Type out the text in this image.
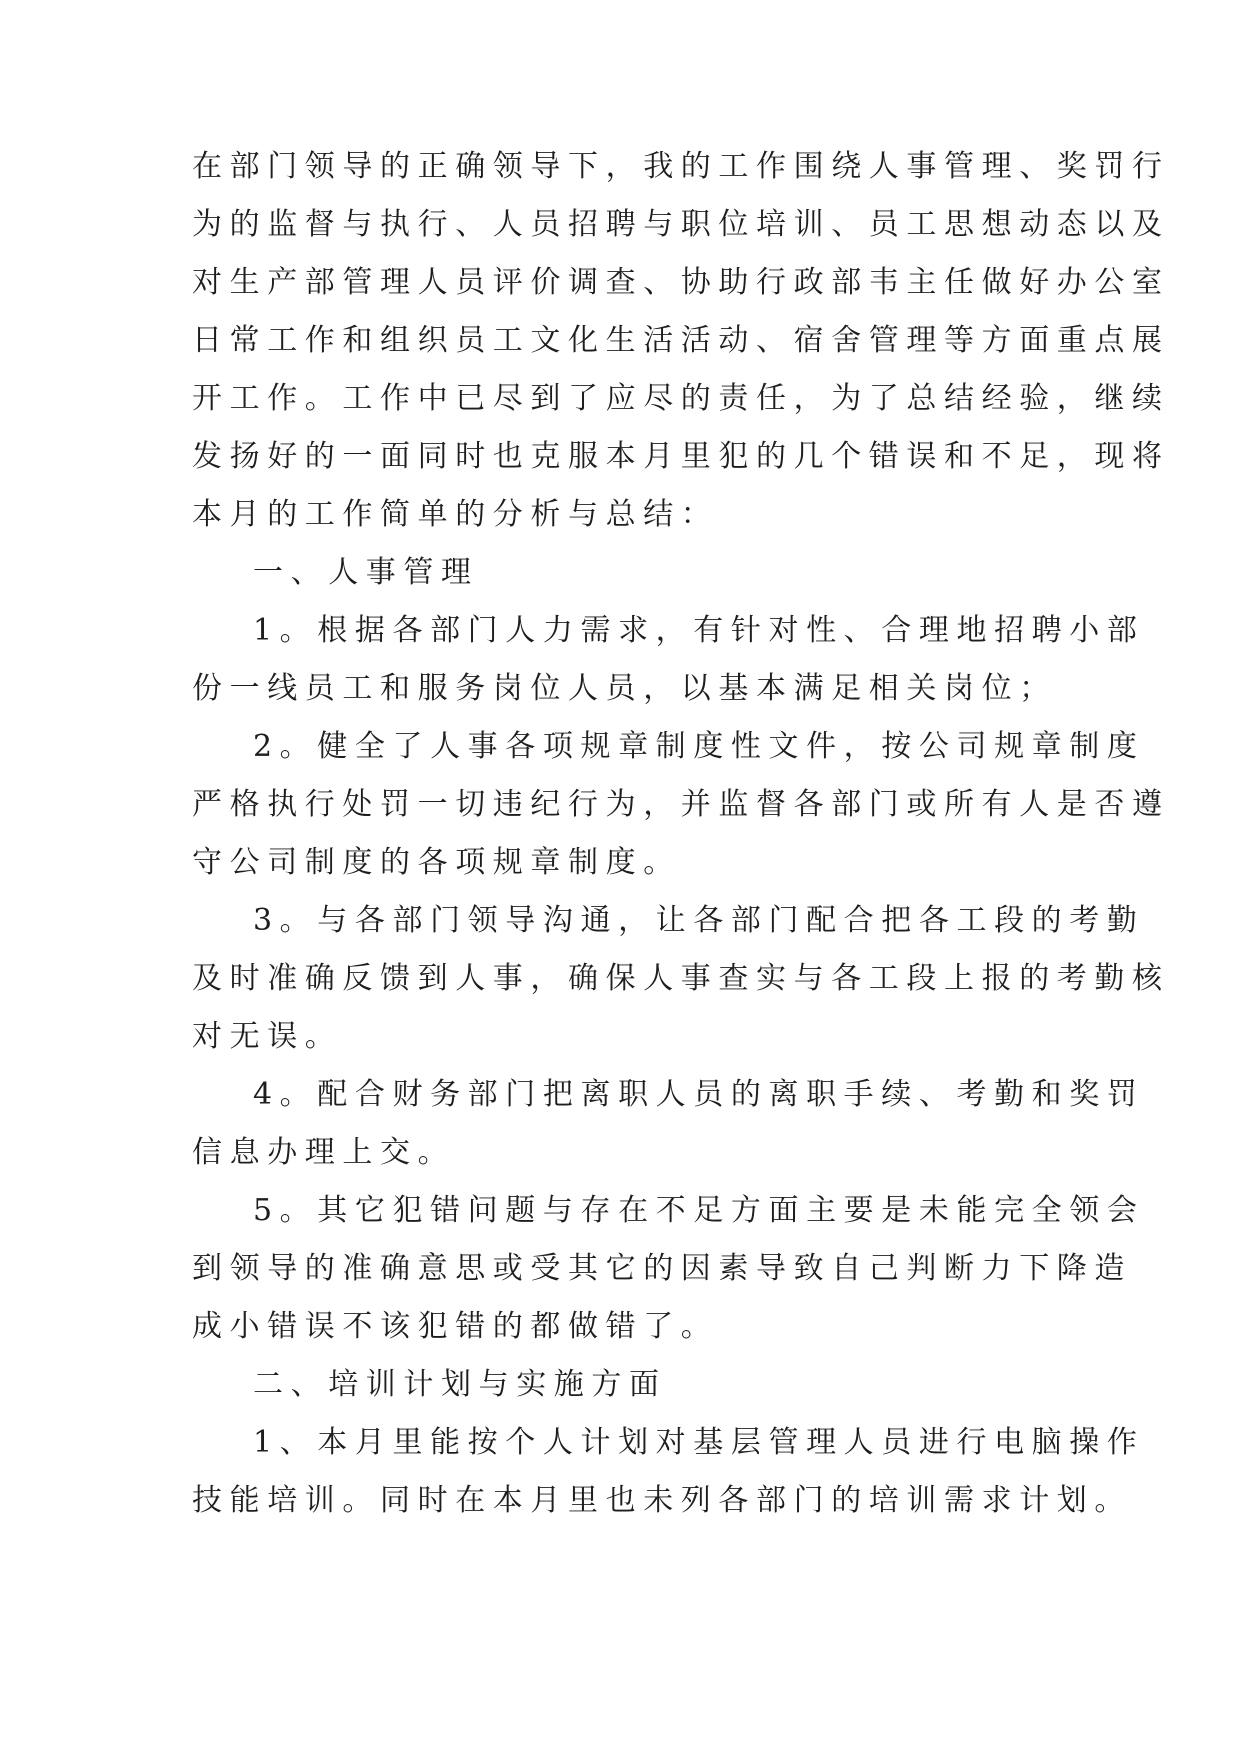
在部门领导的正确领导下，我的工作围绕人事管理、奖罚行
为的监督与执行、人员招聘与职位培训、员工思想动态以及
对生产部管理人员评价调查、协助行政部韦主任做好办公室
日常工作和组织员工文化生活活动、宿舍管理等方面重点展
开工作。工作中已尽到了应尽的责任，为了总结经验，继续
发扬好的一面同时也克服本月里犯的几个错误和不足，现将
本月的工作简单的分析与总结：
一、人事管理
1。根据各部门人力需求，有针对性、合理地招聘小部
份一线员工和服务岗位人员，以基本满足相关岗位；
2。健全了人事各项规章制度性文件，按公司规章制度
严格执行处罚一切违纪行为，并监督各部门或所有人是否遵
守公司制度的各项规章制度。
3。与各部门领导沟通，让各部门配合把各工段的考勤
及时准确反馈到人事，确保人事查实与各工段上报的考勤核
对无误。
4。配合财务部门把离职人员的离职手续、考勤和奖罚
信息办理上交。
5。其它犯错问题与存在不足方面主要是未能完全领会
到领导的准确意思或受其它的因素导致自己判断力下降造
成小错误不该犯错的都做错了。
二、培训计划与实施方面
1、本月里能按个人计划对基层管理人员进行电脑操作
技能培训。同时在本月里也未列各部门的培训需求计划。
